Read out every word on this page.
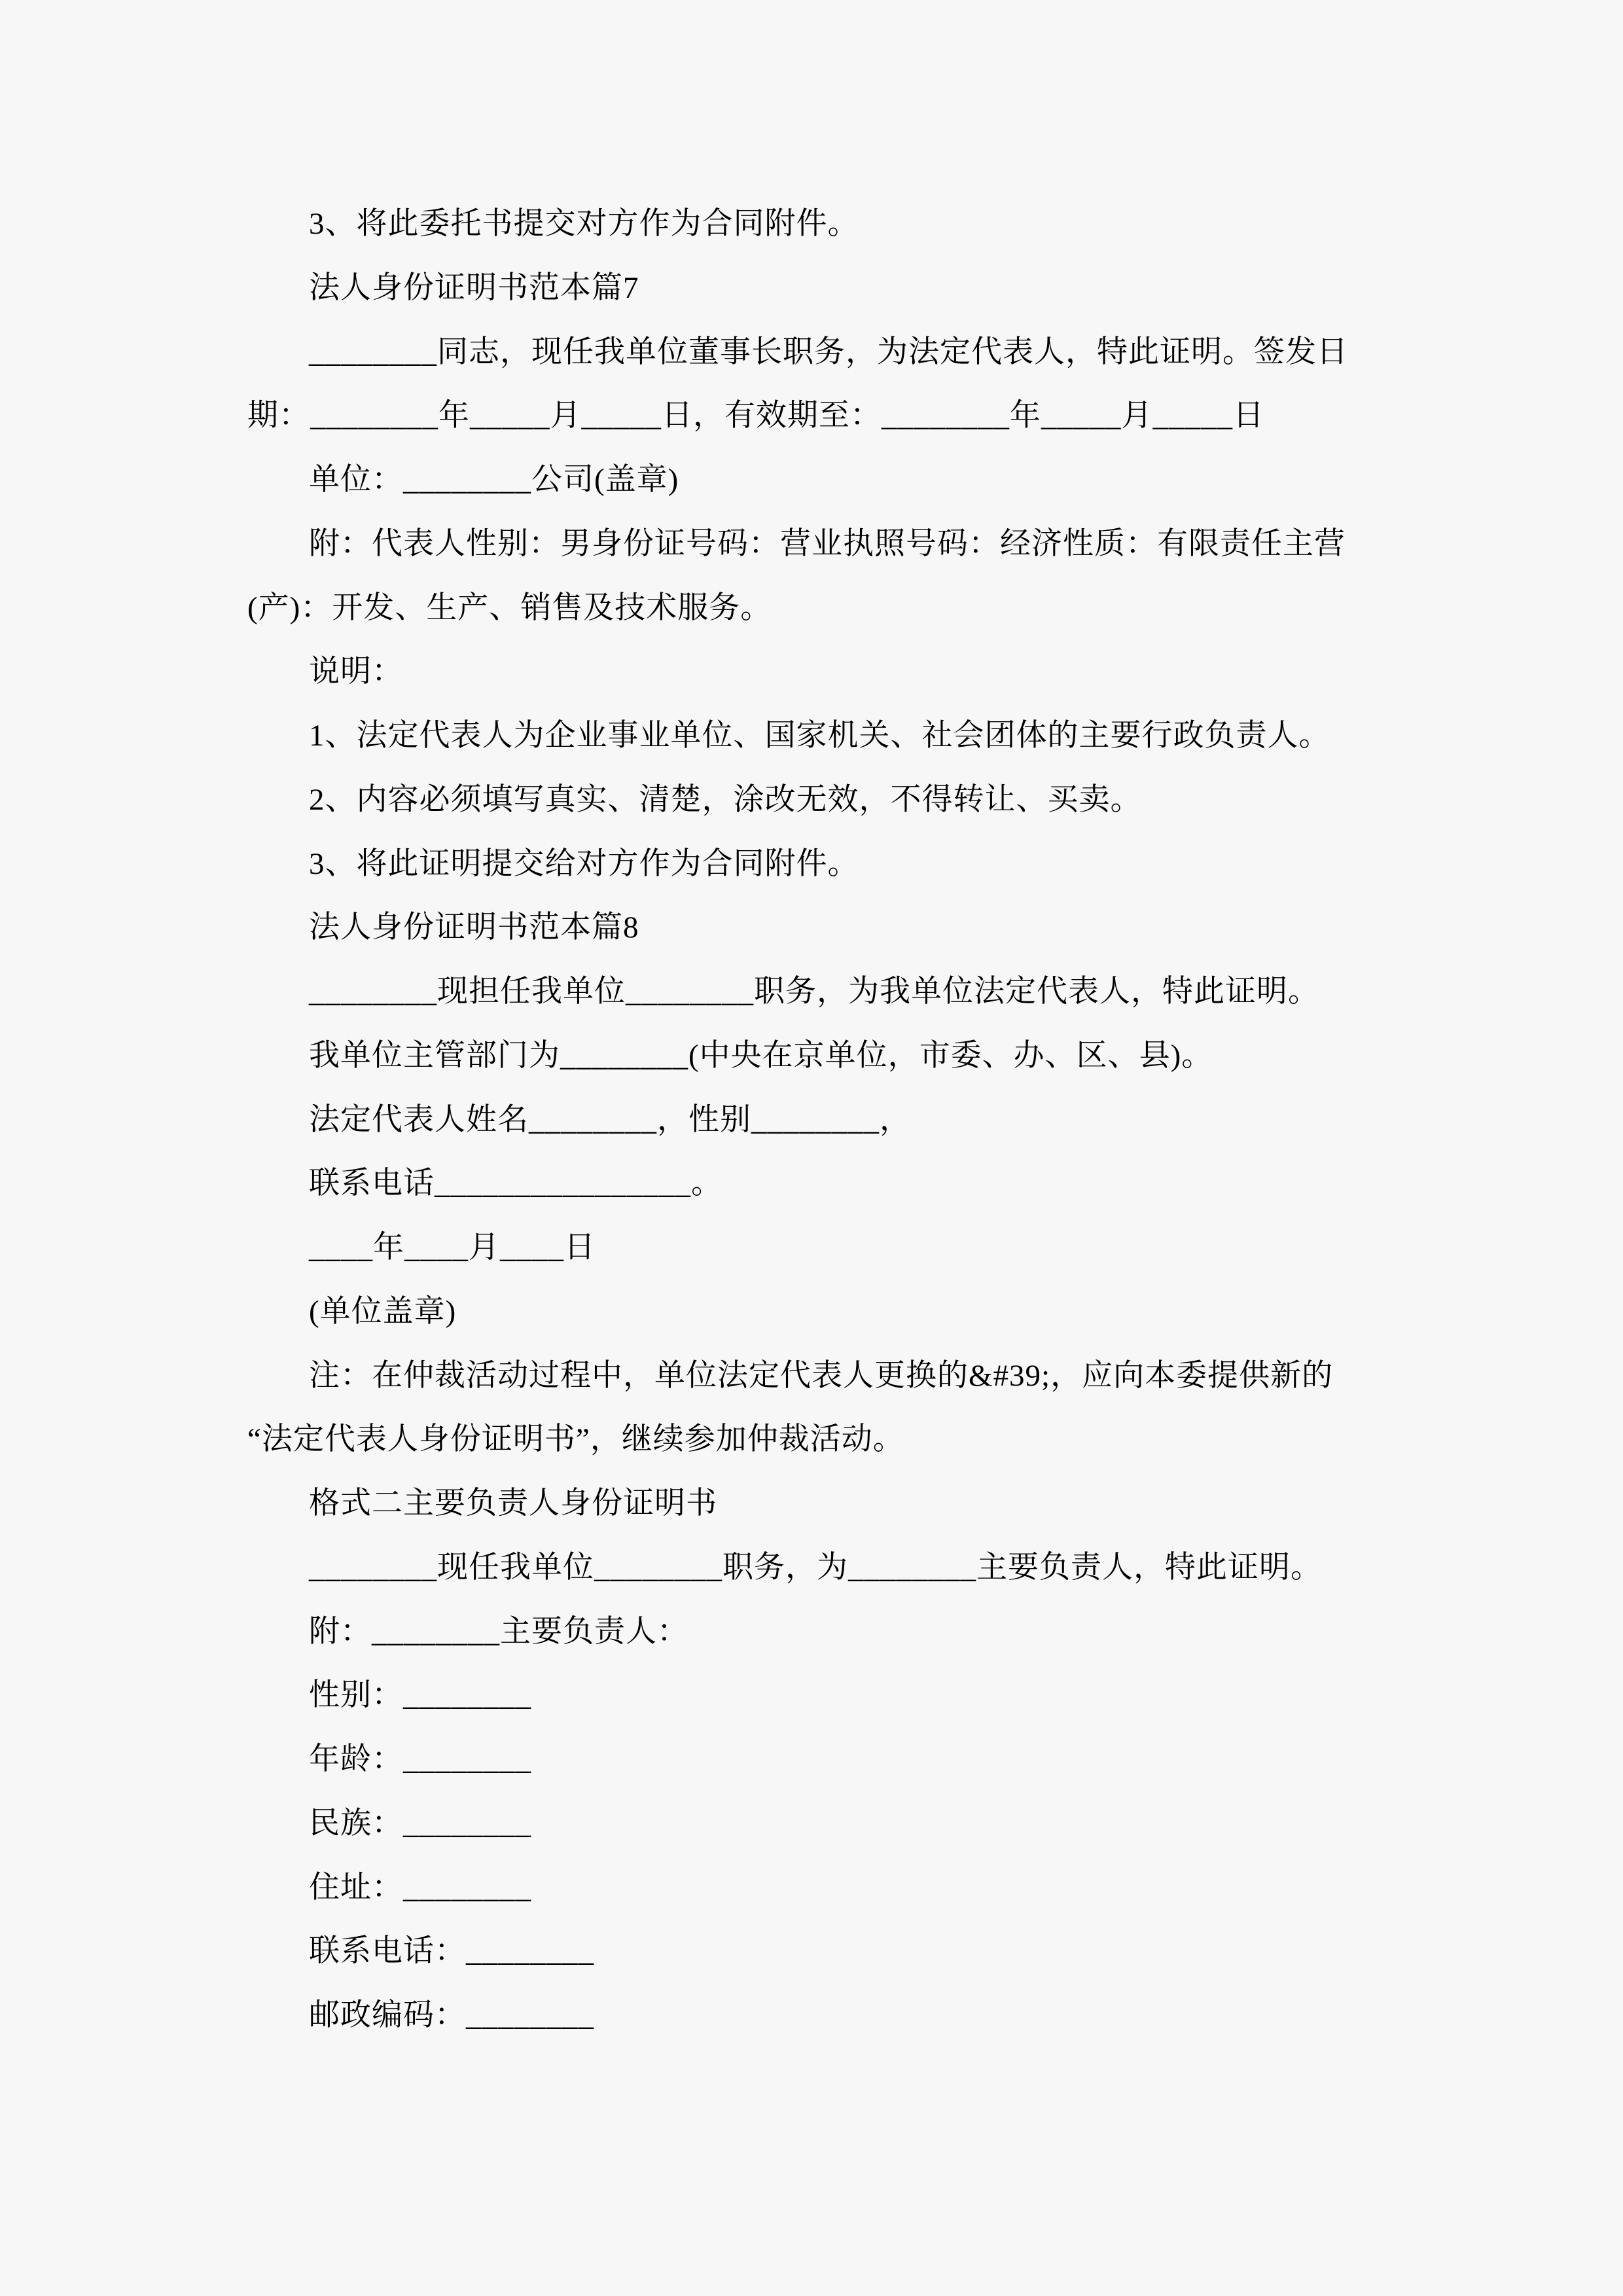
3、将此委托书提交对方作为合同附件。
法人身份证明书范本篇7
________同志，现任我单位董事长职务，为法定代表人，特此证明。签发日
期：________年_____月_____日，有效期至：________年_____月_____日
单位：________公司(盖章)
附：代表人性别：男身份证号码：营业执照号码：经济性质：有限责任主营
(产)：开发、生产、销售及技术服务。
说明：
1、法定代表人为企业事业单位、国家机关、社会团体的主要行政负责人。
2、内容必须填写真实、清楚，涂改无效，不得转让、买卖。
3、将此证明提交给对方作为合同附件。
法人身份证明书范本篇8
________现担任我单位________职务，为我单位法定代表人，特此证明。
我单位主管部门为________(中央在京单位，市委、办、区、县)。
法定代表人姓名________，性别________，
联系电话________________。
____年____月____日
(单位盖章)
注：在仲裁活动过程中，单位法定代表人更换的&#39;，应向本委提供新的
“法定代表人身份证明书”，继续参加仲裁活动。
格式二主要负责人身份证明书
________现任我单位________职务，为________主要负责人，特此证明。
附：________主要负责人：
性别：________
年龄：________
民族：________
住址：________
联系电话：________
邮政编码：________
